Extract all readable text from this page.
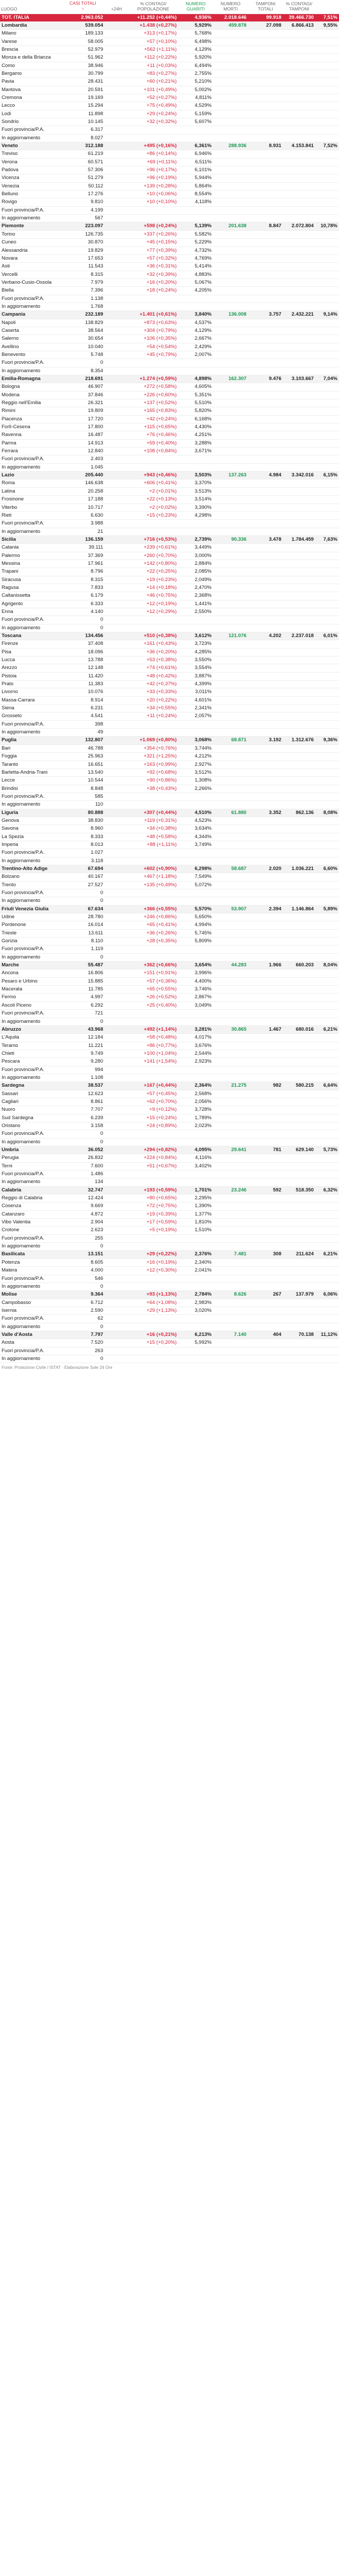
LUOGO	CASI TOTALI
↑	+24H	% CONTAGI/ POPOLAZIONE	NUMERO GUARITI	NUMERO MORTI	TAMPONI TOTALI	% CONTAGI/ TAMPONI	
TOT. ITALIA	2.963.052	+11.252 (+0,44%)		4,936%	2.018.646	99.918	39.466.730	7,51%
Lombardia	539.054	+1.438 (+0,27%)		5,929%	459.878	27.098	6.866.413	9,55%
Milano	189.133	+313 (+0,17%)		5,768%				
Varese	58.005	+57 (+0,10%)		6,498%				
Brescia	52.979	+562 (+1,11%)		4,129%				
Monza e della Brianza	51.962	+112 (+0,22%)		5,920%				
Como	38.946	+11 (+0,03%)		6,494%				
Bergamo	30.799	+83 (+0,27%)		2,755%				
Pavia	28.431	+60 (+0,21%)		5,210%				
Mantova	20.591	+101 (+0,49%)		5,002%				
Cremona	19.169	+52 (+0,27%)		4,811%				
Lecco	15.294	+75 (+0,49%)		4,529%				
Lodi	11.898	+29 (+0,24%)		5,159%				
Sondrio	10.145	+32 (+0,32%)		5,607%				
Fuori provincia/P.A.	6.317							
In aggiornamento	8.027							
Veneto	312.188	+495 (+0,16%)		6,361%	288.936	8.931	4.153.841	7,52%
Treviso	61.219	+86 (+0,14%)		6,946%				
Verona	60.571	+69 (+0,11%)		6,511%				
Padova	57.306	+96 (+0,17%)		6,101%				
Vicenza	51.279	+96 (+0,19%)		5,944%				
Venezia	50.112	+139 (+0,28%)		5,864%				
Belluno	17.276	+10 (+0,06%)		8,554%				
Rovigo	9.810	+10 (+0,10%)		4,118%				
Fuori provincia/P.A.	4.199							
In aggiornamento	567							
Piemonte	223.097	+598 (+0,24%)		5,139%	201.638	8.847	2.072.804	10,78%
Torino	126.735	+337 (+0,26%)		5,582%				
Cuneo	30.870	+45 (+0,15%)		5,229%				
Alessandria	19.829	+77 (+0,39%)		4,732%				
Novara	17.653	+57 (+0,32%)		4,769%				
Asti	11.543	+36 (+0,31%)		5,414%				
Vercelli	8.315	+32 (+0,39%)		4,883%				
Verbano-Cusio-Ossola	7.979	+16 (+0,20%)		5,067%				
Biella	7.396	+18 (+0,24%)		4,205%				
Fuori provincia/P.A.	1.138							
In aggiornamento	1.768							
Campania	232.189	+1.401 (+0,61%)		3,840%	136.008	3.757	2.432.221	9,14%
Napoli	138.829	+873 (+0,63%)		4,537%				
Caserta	38.564	+304 (+0,79%)		4,129%				
Salerno	30.654	+106 (+0,35%)		2,667%				
Avellino	10.040	+54 (+0,54%)		2,429%				
Benevento	5.748	+45 (+0,79%)		2,007%				
Fuori provincia/P.A.	0							
In aggiornamento	8.354							
Emilia-Romagna	218.691	+1.274 (+0,59%)		4,898%	162.307	9.476	3.103.667	7,04%
Bologna	46.907	+272 (+0,58%)		4,605%				
Modena	37.846	+226 (+0,60%)		5,351%				
Reggio nell'Emilia	26.321	+137 (+0,52%)		5,510%				
Rimini	19.809	+165 (+0,83%)		5,820%				
Piacenza	17.720	+42 (+0,24%)		6,168%				
Forlì-Cesena	17.800	+115 (+0,65%)		4,430%				
Ravenna	16.487	+76 (+0,46%)		4,251%				
Parma	14.913	+59 (+0,40%)		3,288%				
Ferrara	12.840	+108 (+0,84%)		3,671%				
Fuori provincia/P.A.	2.403							
In aggiornamento	1.045							
Lazio	205.440	+943 (+0,46%)		3,503%	137.263	4.984	3.342.016	6,15%
Roma	146.638	+606 (+0,41%)		3,370%				
Latina	20.258	+2 (+0,01%)		3,513%				
Frosinone	17.188	+22 (+0,13%)		3,514%				
Viterbo	10.717	+2 (+0,02%)		3,390%				
Rieti	6.630	+15 (+0,23%)		4,298%				
Fuori provincia/P.A.	3.988							
In aggiornamento	21							
Sicilia	136.159	+716 (+0,53%)		2,739%	90.336	3.478	1.784.459	7,63%
Catania	39.111	+239 (+0,61%)		3,449%				
Palermo	37.369	+260 (+0,70%)		3,000%				
Messina	17.961	+142 (+0,80%)		2,884%				
Trapani	8.796	+22 (+0,25%)		2,085%				
Siracusa	8.315	+19 (+0,23%)		2,049%				
Ragusa	7.833	+14 (+0,18%)		2,470%				
Caltanissetta	6.179	+46 (+0,75%)		2,368%				
Agrigento	6.333	+12 (+0,19%)		1,441%				
Enna	4.140	+12 (+0,29%)		2,550%				
Fuori provincia/P.A.	0							
In aggiornamento	0							
Toscana	134.456	+510 (+0,38%)		3,612%	121.076	4.202	2.237.018	6,01%
Firenze	37.408	+161 (+0,43%)		3,723%				
Pisa	18.096	+36 (+0,20%)		4,285%				
Lucca	13.788	+53 (+0,38%)		3,550%				
Arezzo	12.148	+74 (+0,61%)		3,554%				
Pistoia	11.420	+48 (+0,42%)		3,887%				
Prato	11.383	+42 (+0,37%)		4,399%				
Livorno	10.076	+33 (+0,33%)		3,011%				
Massa-Carrara	8.914	+20 (+0,22%)		4,601%				
Siena	6.231	+34 (+0,55%)		2,341%				
Grosseto	4.541	+11 (+0,24%)		2,057%				
Fuori provincia/P.A.	398							
In aggiornamento	49							
Puglia	132.807	+1.069 (+0,80%)		3,068%	68.871	3.192	1.312.676	9,36%
Bari	46.788	+354 (+0,76%)		3,744%				
Foggia	25.963	+321 (+1,25%)		4,212%				
Taranto	16.651	+163 (+0,99%)		2,927%				
Barletta-Andria-Trani	13.540	+92 (+0,68%)		3,512%				
Lecce	10.544	+90 (+0,86%)		1,308%				
Brindisi	8.848	+38 (+0,43%)		2,266%				
Fuori provincia/P.A.	585							
In aggiornamento	110							
Liguria	80.888	+307 (+0,44%)		4,510%	61.880	3.352	862.136	8,08%
Genova	38.830	+119 (+0,31%)		4,523%				
Savona	8.960	+34 (+0,38%)		3,634%				
La Spezia	8.333	+48 (+0,58%)		4,344%				
Imperia	8.013	+88 (+1,11%)		3,749%				
Fuori provincia/P.A.	1.027							
In aggiornamento	3.118							
Trentino-Alto Adige	67.694	+602 (+0,90%)		6,298%	58.687	2.020	1.036.221	6,60%
Bolzano	40.167	+467 (+1,18%)		7,549%				
Trento	27.527	+135 (+0,49%)		5,072%				
Fuori provincia/P.A.	0							
In aggiornamento	0							
Friuli Venezia Giulia	67.634	+366 (+0,55%)		5,570%	53.907	2.394	1.146.864	5,89%
Udine	28.780	+246 (+0,86%)		5,650%				
Pordenone	16.014	+65 (+0,41%)		4,994%				
Trieste	13.611	+36 (+0,26%)		5,745%				
Gorizia	8.110	+28 (+0,35%)		5,809%				
Fuori provincia/P.A.	1.119							
In aggiornamento	0							
Marche	55.487	+362 (+0,66%)		3,654%	44.283	1.966	660.203	8,04%
Ancona	16.806	+151 (+0,91%)		3,996%				
Pesaro e Urbino	15.885	+57 (+0,36%)		4,400%				
Macerata	11.785	+65 (+0,55%)		3,746%				
Fermo	4.997	+26 (+0,52%)		2,867%				
Ascoli Piceno	6.292	+25 (+0,40%)		3,049%				
Fuori provincia/P.A.	721							
In aggiornamento	0							
Abruzzo	43.968	+492 (+1,14%)		3,281%	30.865	1.467	680.016	6,21%
L'Aquila	12.184	+58 (+0,48%)		4,017%				
Teramo	11.221	+86 (+0,77%)		3,676%				
Chieti	9.749	+100 (+1,04%)		2,544%				
Pescara	9.280	+141 (+1,54%)		2,923%				
Fuori provincia/P.A.	994							
In aggiornamento	1.108							
Sardegna	38.537	+167 (+0,44%)		2,364%	21.275	982	580.215	6,64%
Sassari	12.623	+57 (+0,45%)		2,568%				
Cagliari	8.861	+62 (+0,70%)		2,056%				
Nuoro	7.707	+9 (+0,12%)		3,728%				
Sud Sardegna	6.239	+15 (+0,24%)		1,789%				
Oristano	3.158	+24 (+0,89%)		2,023%				
Fuori provincia/P.A.	0							
In aggiornamento	0							
Umbria	36.052	+294 (+0,82%)		4,095%	29.641	781	629.140	5,73%
Perugia	26.832	+224 (+0,84%)		4,116%				
Terni	7.600	+51 (+0,67%)		3,402%				
Fuori provincia/P.A.	1.486							
In aggiornamento	134							
Calabria	32.747	+193 (+0,59%)		1,701%	23.246	592	518.350	6,32%
Reggio di Calabria	12.424	+80 (+0,65%)		2,295%				
Cosenza	9.669	+72 (+0,75%)		1,390%				
Catanzaro	4.872	+19 (+0,39%)		1,377%				
Vibo Valentia	2.904	+17 (+0,59%)		1,810%				
Crotone	2.623	+5 (+0,19%)		1,510%				
Fuori provincia/P.A.	255							
In aggiornamento	0							
Basilicata	13.151	+29 (+0,22%)		2,376%	7.481	308	211.624	6,21%
Potenza	8.605	+16 (+0,19%)		2,340%				
Matera	4.000	+12 (+0,30%)		2,041%				
Fuori provincia/P.A.	546							
In aggiornamento	0							
Molise	9.364	+93 (+1,13%)		2,784%	8.626	267	137.979	6,06%
Campobasso	6.712	+64 (+1,08%)		2,983%				
Isernia	2.590	+29 (+1,13%)		3,020%				
Fuori provincia/P.A.	62							
In aggiornamento	0							
Valle d'Aosta	7.797	+16 (+0,21%)		6,213%	7.140	404	70.138	11,12%
Aosta	7.520	+15 (+0,20%)		5,992%				
Fuori provincia/P.A.	263							
In aggiornamento	0							
Fonte: Protezione Civile / ISTAT · Elaborazione Sole 24 Ore
